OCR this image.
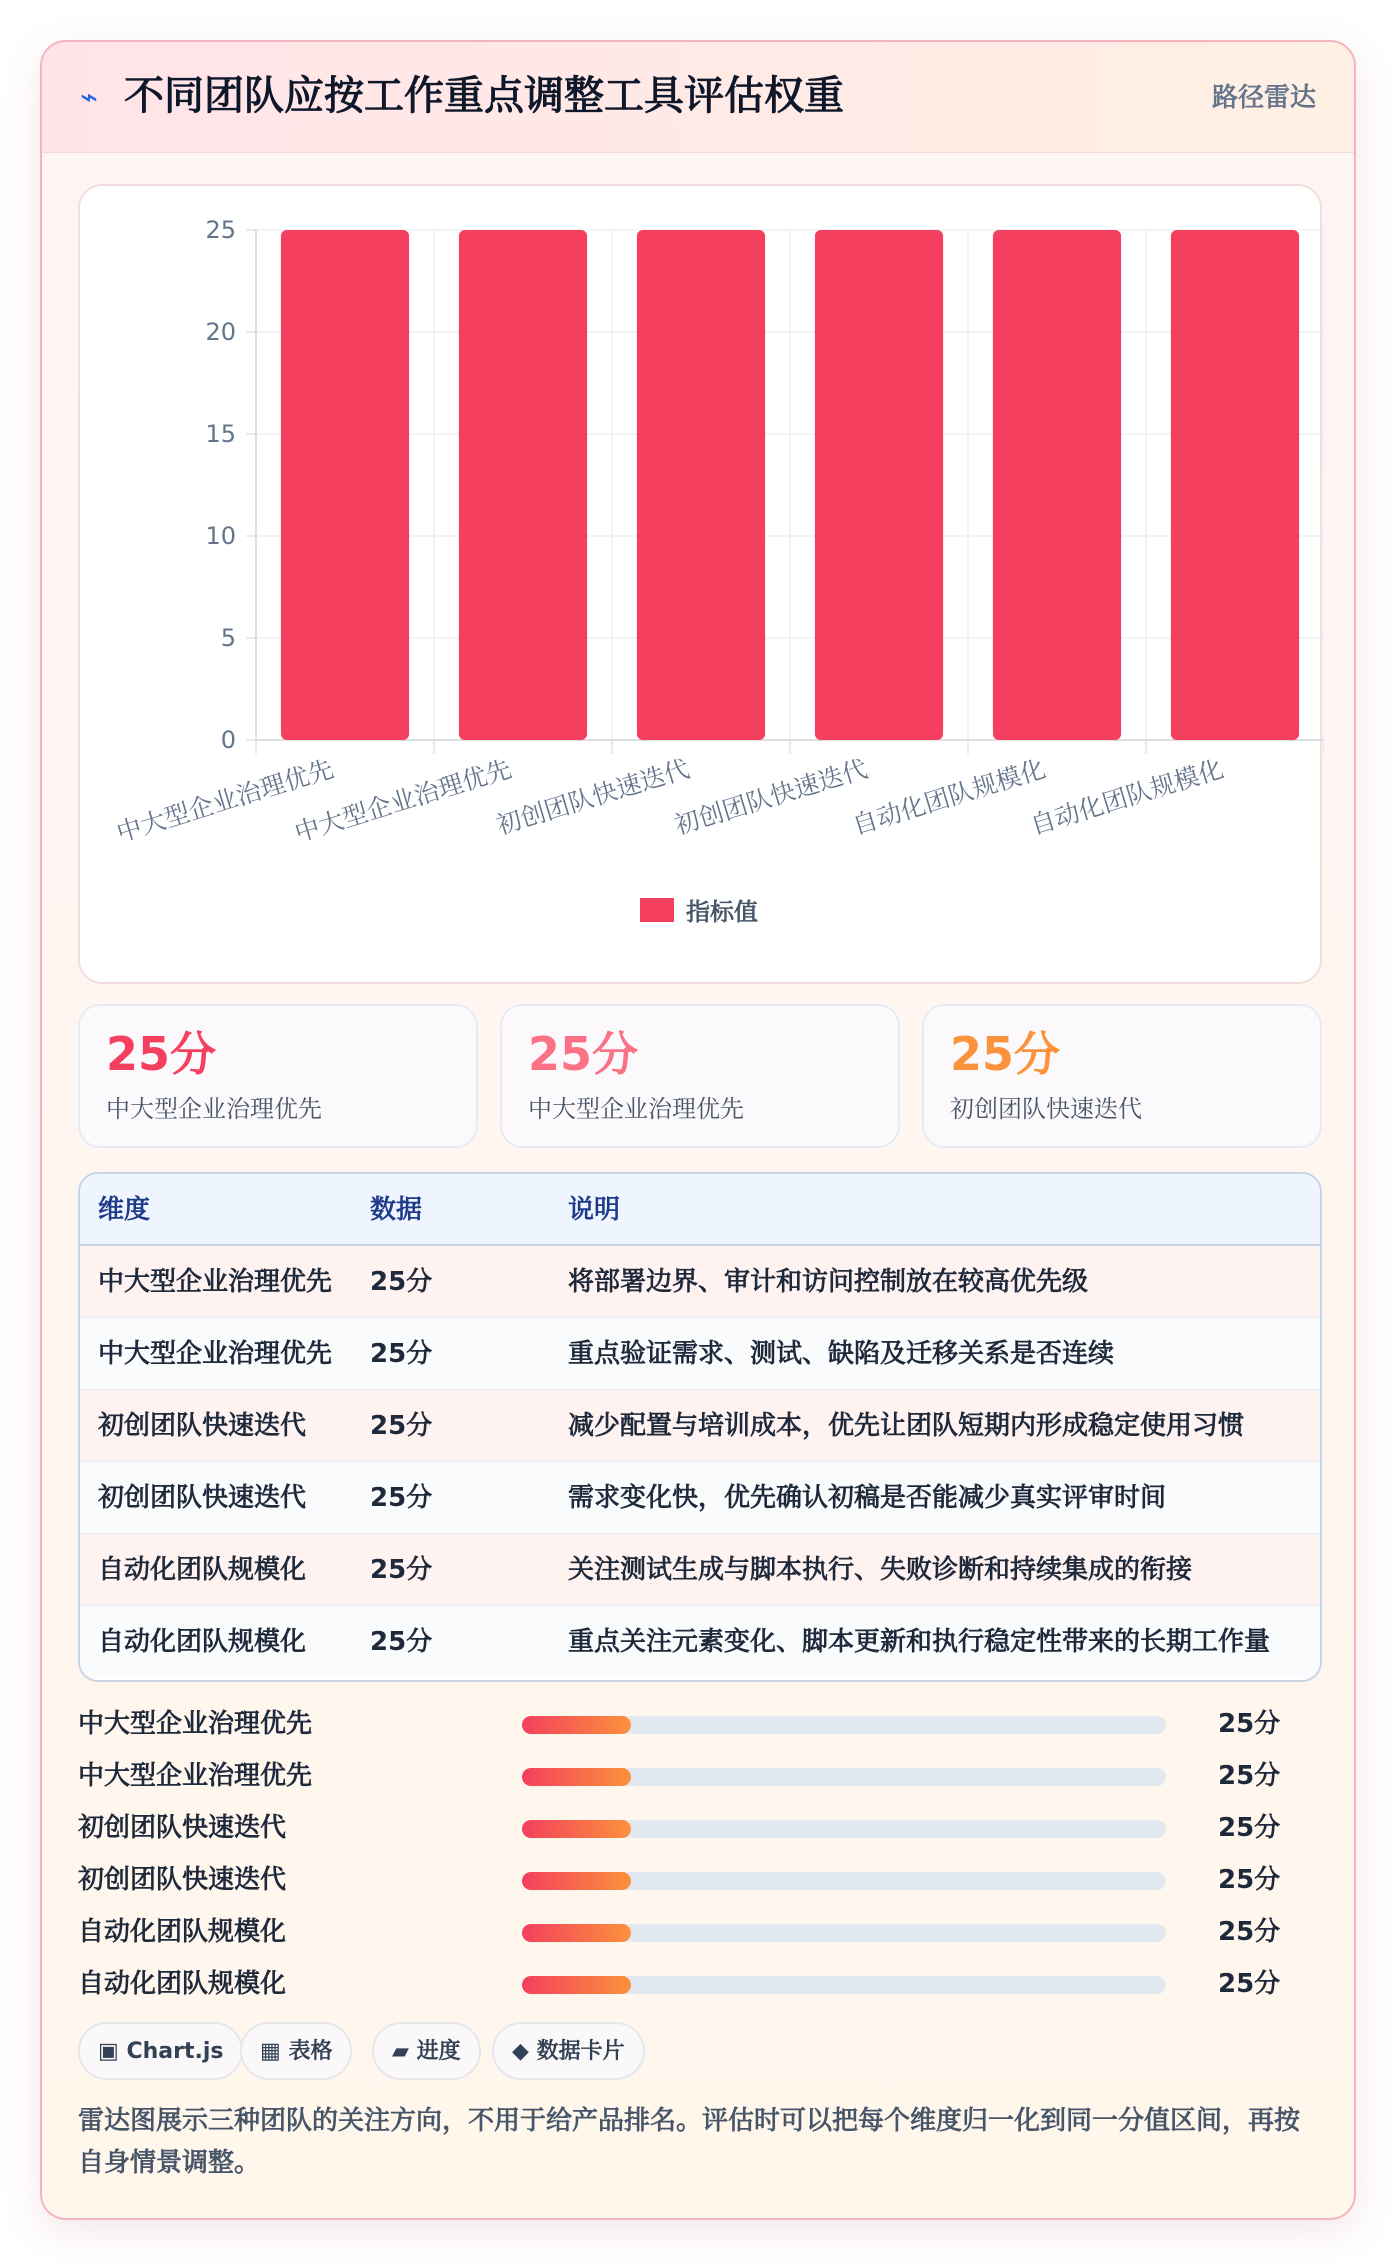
⌁ 不同团队应按工作重点调整工具评估权重	路径雷达
0
5
10
15
20
25
中大型企业治理优先
中大型企业治理优先
初创团队快速迭代
初创团队快速迭代
自动化团队规模化
自动化团队规模化
指标值
25分
中大型企业治理优先
25分
中大型企业治理优先
25分
初创团队快速迭代
维度	数据	说明
中大型企业治理优先 25分	将部署边界、审计和访问控制放在较高优先级
中大型企业治理优先 25分	重点验证需求、测试、缺陷及迁移关系是否连续
初创团队快速迭代 25分	减少配置与培训成本，优先让团队短期内形成稳定使用习惯
初创团队快速迭代 25分	需求变化快，优先确认初稿是否能减少真实评审时间
自动化团队规模化 25分	关注测试生成与脚本执行、失败诊断和持续集成的衔接
自动化团队规模化 25分	重点关注元素变化、脚本更新和执行稳定性带来的长期工作量
中大型企业治理优先	25分
中大型企业治理优先	25分
初创团队快速迭代	25分
初创团队快速迭代	25分
自动化团队规模化	25分
自动化团队规模化	25分
▣ Chart.js	▦ 表格	▰ 进度	◆ 数据卡片
雷达图展示三种团队的关注方向，不用于给产品排名。评估时可以把每个维度归一化到同一分值区间，再按自身情景调整。
